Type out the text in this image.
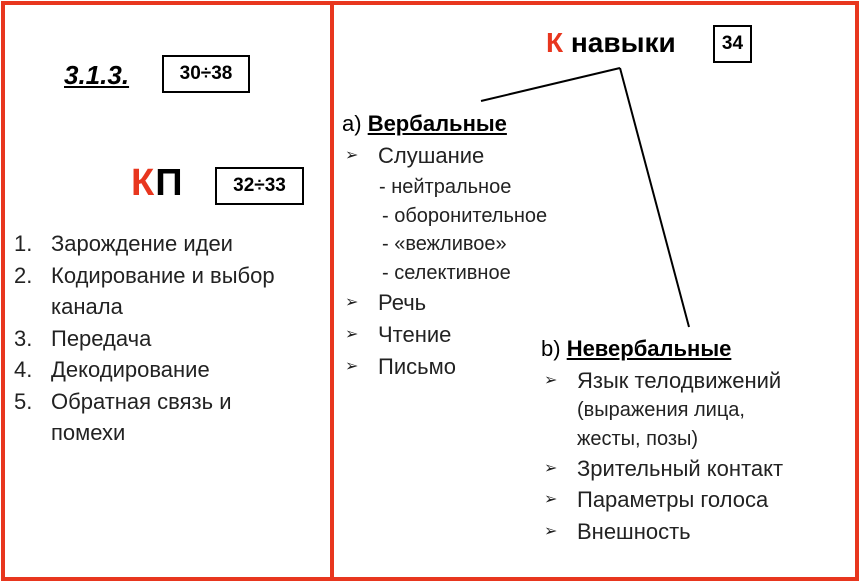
3.1.3.	30÷38
КП	32÷33
1. Зарождение идеи
2. Кодирование и выбор
канала
3. Передача
4. Декодирование
5. Обратная связь и
помехи
К навыки	34
a) Вербальные
➢ Слушание
- нейтральное
- оборонительное
- «вежливое»
- селективное
➢ Речь
➢ Чтение
➢ Письмо
b) Невербальные
➢ Язык телодвижений
(выражения лица,
жесты, позы)
➢ Зрительный контакт
➢ Параметры голоса
➢ Внешность
